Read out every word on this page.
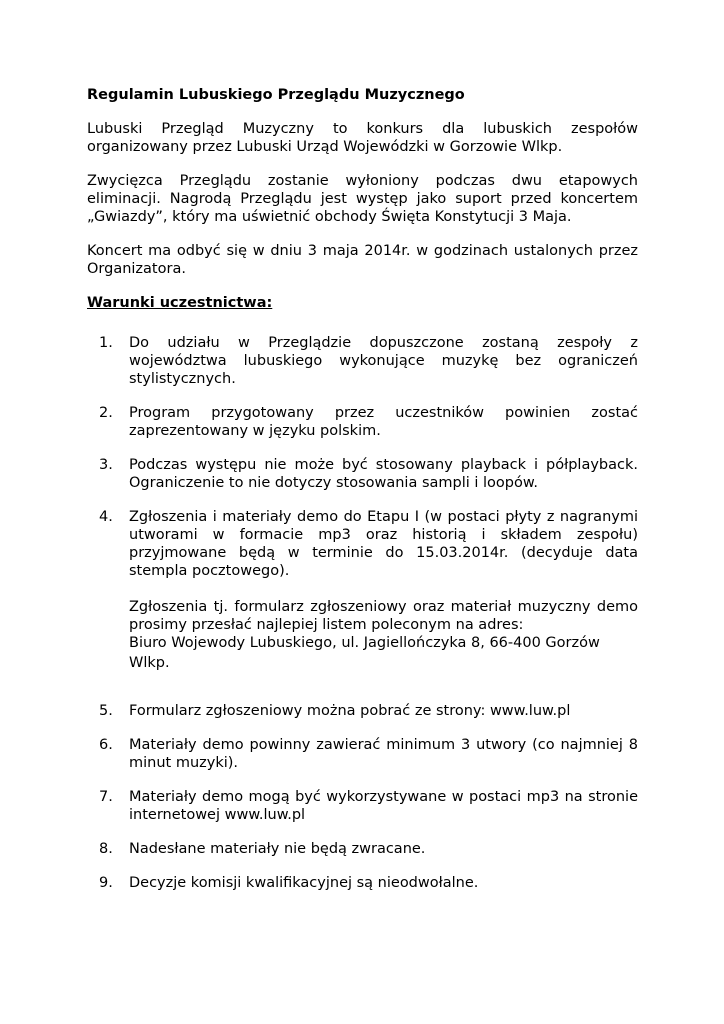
Regulamin Lubuskiego Przeglądu Muzycznego

Lubuski Przegląd Muzyczny to konkurs dla lubuskich zespołów organizowany przez Lubuski Urząd Wojewódzki w Gorzowie Wlkp.

Zwycięzca Przeglądu zostanie wyłoniony podczas dwu etapowych eliminacji. Nagrodą Przeglądu jest występ jako suport przed koncertem „Gwiazdy”, który ma uświetnić obchody Święta Konstytucji 3 Maja.

Koncert ma odbyć się w dniu 3 maja 2014r. w godzinach ustalonych przez Organizatora.

Warunki uczestnictwa:
1.	Do udziału w Przeglądzie dopuszczone zostaną zespoły z województwa lubuskiego wykonujące muzykę bez ograniczeń stylistycznych.
2.	Program przygotowany przez uczestników powinien zostać zaprezentowany w języku polskim.
3.	Podczas występu nie może być stosowany playback i półplayback. Ograniczenie to nie dotyczy stosowania sampli i loopów.
4.	Zgłoszenia i materiały demo do Etapu I (w postaci płyty z nagranymi utworami w formacie mp3 oraz historią i składem zespołu) przyjmowane będą w terminie do 15.03.2014r. (decyduje data stempla pocztowego).
Zgłoszenia tj. formularz zgłoszeniowy oraz materiał muzyczny demo prosimy przesłać najlepiej listem poleconym na adres:
Biuro Wojewody Lubuskiego, ul. Jagiellończyka 8, 66-400 Gorzów
Wlkp.
5.	Formularz zgłoszeniowy można pobrać ze strony: www.luw.pl
6.	Materiały demo powinny zawierać minimum 3 utwory (co najmniej 8 minut muzyki).
7.	Materiały demo mogą być wykorzystywane w postaci mp3 na stronie internetowej www.luw.pl
8.	Nadesłane materiały nie będą zwracane.
9.	Decyzje komisji kwalifikacyjnej są nieodwołalne.
